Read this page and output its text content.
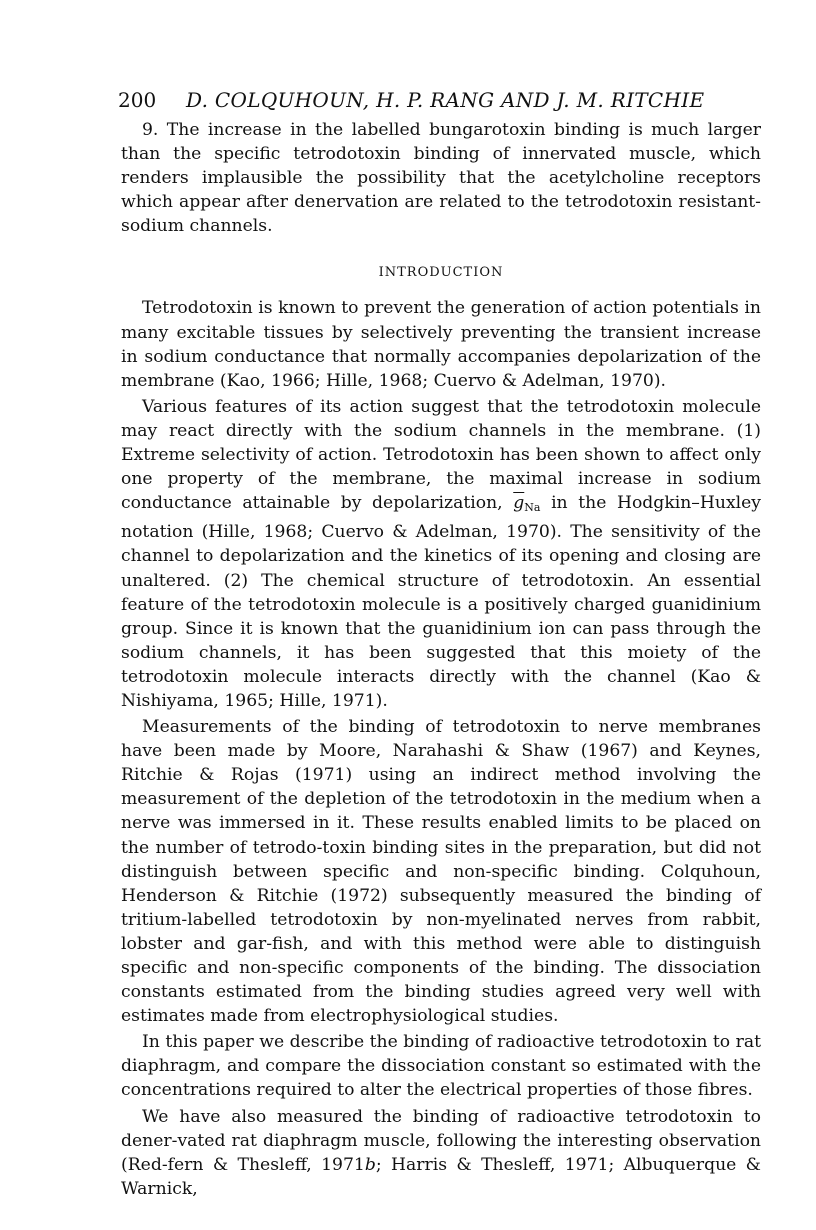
200 D. COLQUHOUN, H. P. RANG AND J. M. RITCHIE

9. The increase in the labelled bungarotoxin binding is much larger than the specific tetrodotoxin binding of innervated muscle, which renders implausible the possibility that the acetylcholine receptors which appear after denervation are related to the tetrodotoxin resistant-sodium channels.

INTRODUCTION

Tetrodotoxin is known to prevent the generation of action potentials in many excitable tissues by selectively preventing the transient increase in sodium conductance that normally accompanies depolarization of the membrane (Kao, 1966; Hille, 1968; Cuervo & Adelman, 1970).

Various features of its action suggest that the tetrodotoxin molecule may react directly with the sodium channels in the membrane. (1) Extreme selectivity of action. Tetrodotoxin has been shown to affect only one property of the membrane, the maximal increase in sodium conductance attainable by depolarization, $\overline{g}_{Na}$ in the Hodgkin–Huxley notation (Hille, 1968; Cuervo & Adelman, 1970). The sensitivity of the channel to depolarization and the kinetics of its opening and closing are unaltered. (2) The chemical structure of tetrodotoxin. An essential feature of the tetrodotoxin molecule is a positively charged guanidinium group. Since it is known that the guanidinium ion can pass through the sodium channels, it has been suggested that this moiety of the tetrodotoxin molecule interacts directly with the channel (Kao & Nishiyama, 1965; Hille, 1971).

Measurements of the binding of tetrodotoxin to nerve membranes have been made by Moore, Narahashi & Shaw (1967) and Keynes, Ritchie & Rojas (1971) using an indirect method involving the measurement of the depletion of the tetrodotoxin in the medium when a nerve was immersed in it. These results enabled limits to be placed on the number of tetrodo-toxin binding sites in the preparation, but did not distinguish between specific and non-specific binding. Colquhoun, Henderson & Ritchie (1972) subsequently measured the binding of tritium-labelled tetrodotoxin by non-myelinated nerves from rabbit, lobster and gar-fish, and with this method were able to distinguish specific and non-specific components of the binding. The dissociation constants estimated from the binding studies agreed very well with estimates made from electrophysiological studies.

In this paper we describe the binding of radioactive tetrodotoxin to rat diaphragm, and compare the dissociation constant so estimated with the concentrations required to alter the electrical properties of those fibres.

We have also measured the binding of radioactive tetrodotoxin to dener-vated rat diaphragm muscle, following the interesting observation (Red-fern & Thesleff, 1971b; Harris & Thesleff, 1971; Albuquerque & Warnick,
